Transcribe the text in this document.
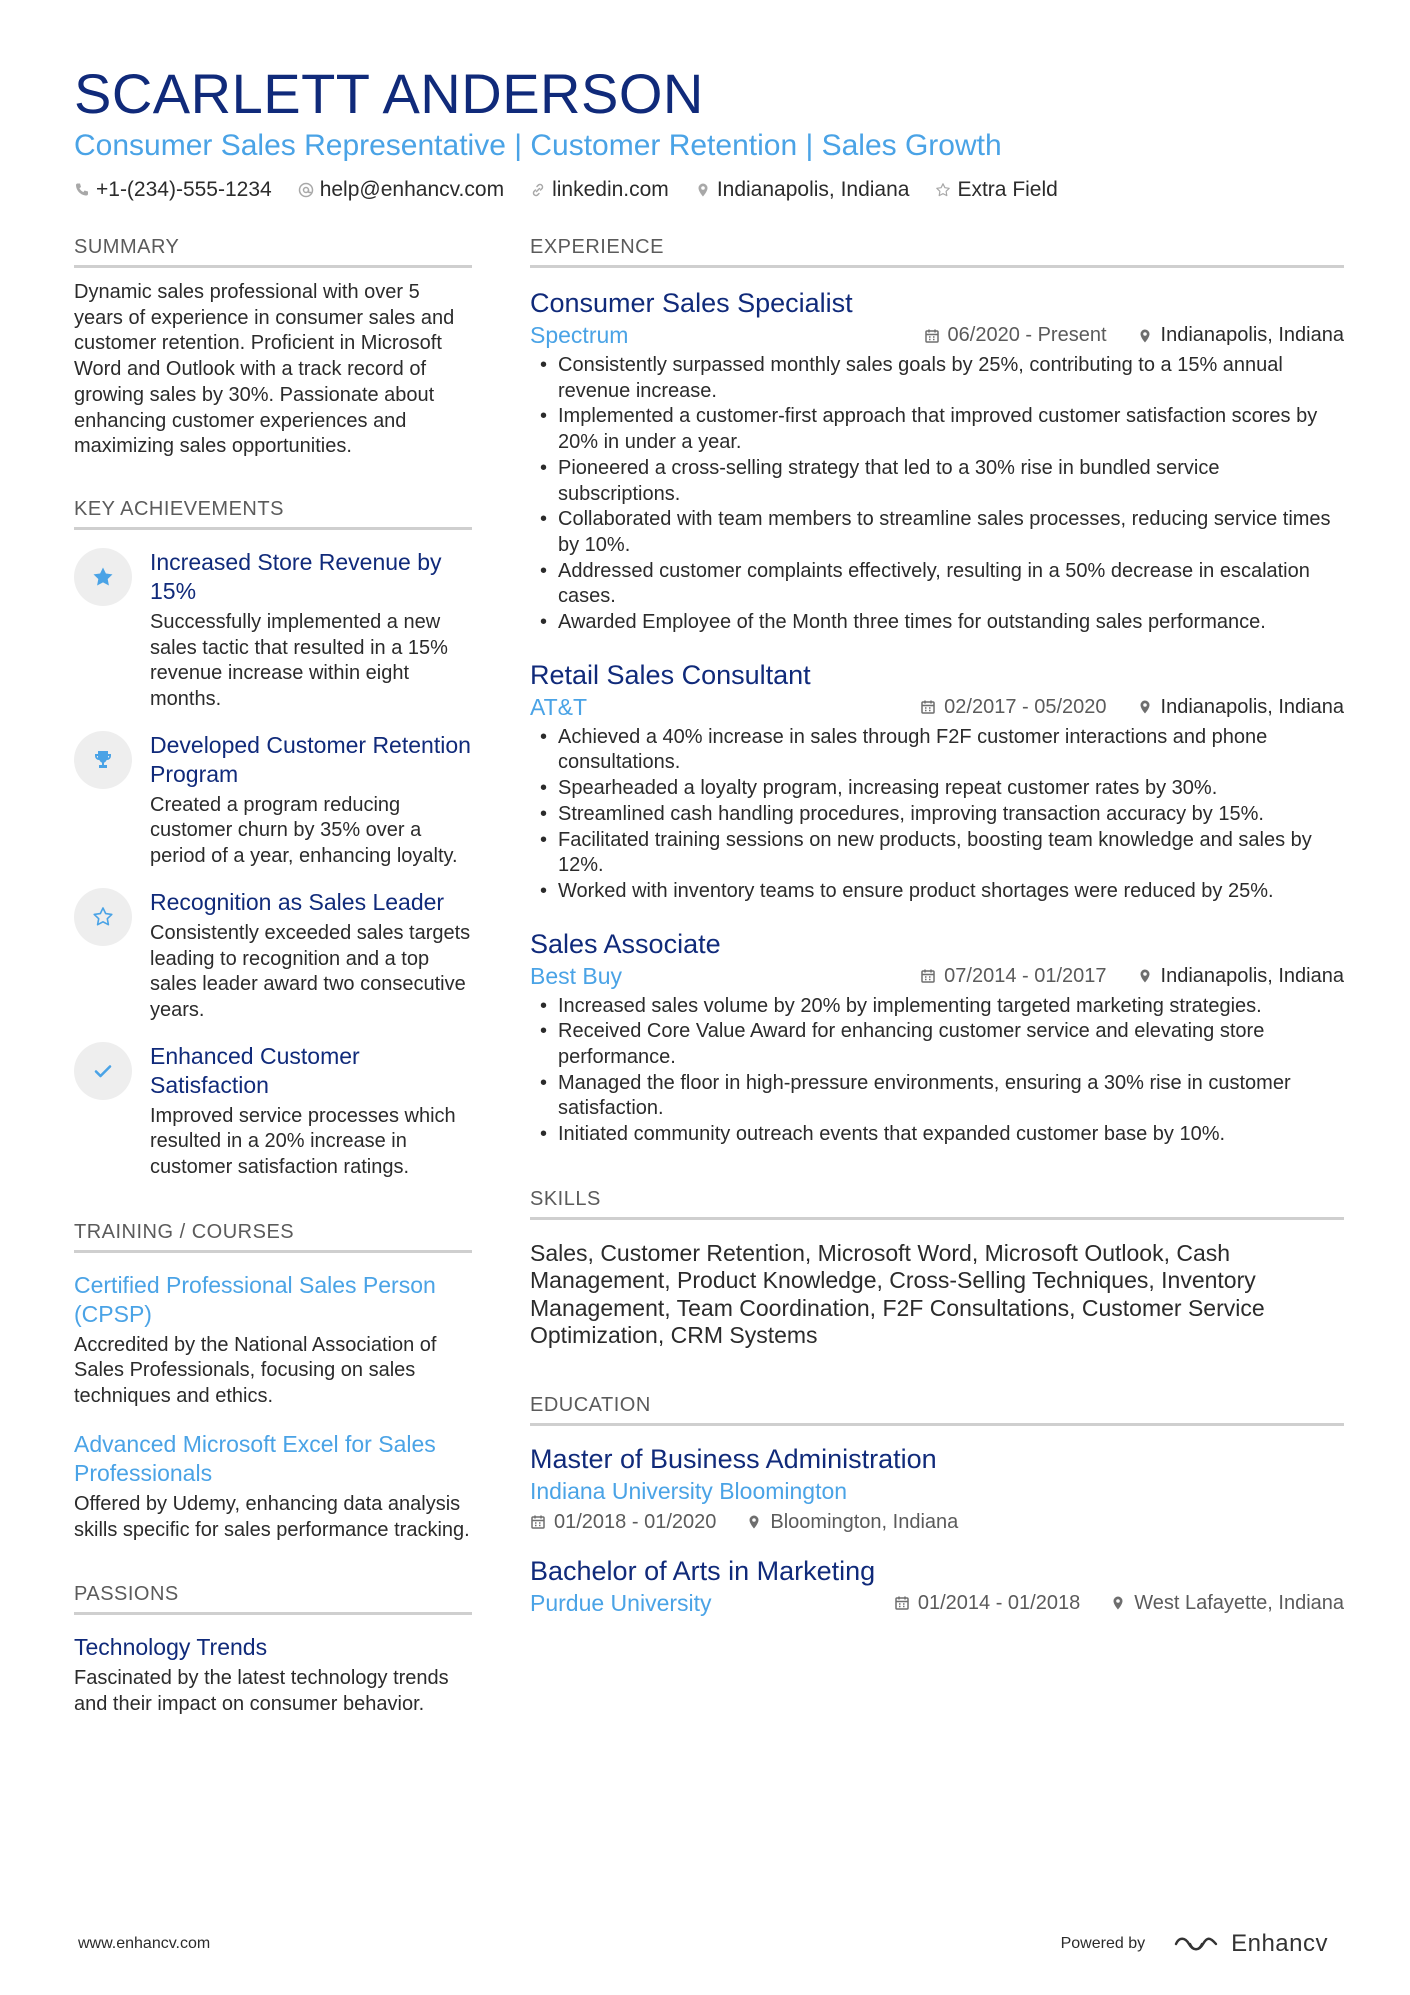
SCARLETT ANDERSON
Consumer Sales Representative | Customer Retention | Sales Growth
+1-(234)-555-1234 help@enhancv.com linkedin.com Indianapolis, Indiana Extra Field
SUMMARY
Dynamic sales professional with over 5 years of experience in consumer sales and customer retention. Proficient in Microsoft Word and Outlook with a track record of growing sales by 30%. Passionate about enhancing customer experiences and maximizing sales opportunities.
KEY ACHIEVEMENTS
Increased Store Revenue by 15%
Successfully implemented a new sales tactic that resulted in a 15% revenue increase within eight months.
Developed Customer Retention Program
Created a program reducing customer churn by 35% over a period of a year, enhancing loyalty.
Recognition as Sales Leader
Consistently exceeded sales targets leading to recognition and a top sales leader award two consecutive years.
Enhanced Customer Satisfaction
Improved service processes which resulted in a 20% increase in customer satisfaction ratings.
TRAINING / COURSES
Certified Professional Sales Person (CPSP)
Accredited by the National Association of Sales Professionals, focusing on sales techniques and ethics.
Advanced Microsoft Excel for Sales Professionals
Offered by Udemy, enhancing data analysis skills specific for sales performance tracking.
PASSIONS
Technology Trends
Fascinated by the latest technology trends and their impact on consumer behavior.
EXPERIENCE
Consumer Sales Specialist
Spectrum	06/2020 - Present	Indianapolis, Indiana
• Consistently surpassed monthly sales goals by 25%, contributing to a 15% annual revenue increase.
• Implemented a customer-first approach that improved customer satisfaction scores by 20% in under a year.
• Pioneered a cross-selling strategy that led to a 30% rise in bundled service subscriptions.
• Collaborated with team members to streamline sales processes, reducing service times by 10%.
• Addressed customer complaints effectively, resulting in a 50% decrease in escalation cases.
• Awarded Employee of the Month three times for outstanding sales performance.
Retail Sales Consultant
AT&T	02/2017 - 05/2020	Indianapolis, Indiana
• Achieved a 40% increase in sales through F2F customer interactions and phone consultations.
• Spearheaded a loyalty program, increasing repeat customer rates by 30%.
• Streamlined cash handling procedures, improving transaction accuracy by 15%.
• Facilitated training sessions on new products, boosting team knowledge and sales by 12%.
• Worked with inventory teams to ensure product shortages were reduced by 25%.
Sales Associate
Best Buy	07/2014 - 01/2017	Indianapolis, Indiana
• Increased sales volume by 20% by implementing targeted marketing strategies.
• Received Core Value Award for enhancing customer service and elevating store performance.
• Managed the floor in high-pressure environments, ensuring a 30% rise in customer satisfaction.
• Initiated community outreach events that expanded customer base by 10%.
SKILLS
Sales, Customer Retention, Microsoft Word, Microsoft Outlook, Cash Management, Product Knowledge, Cross-Selling Techniques, Inventory Management, Team Coordination, F2F Consultations, Customer Service Optimization, CRM Systems
EDUCATION
Master of Business Administration
Indiana University Bloomington
01/2018 - 01/2020	Bloomington, Indiana
Bachelor of Arts in Marketing
Purdue University	01/2014 - 01/2018	West Lafayette, Indiana
www.enhancv.com	Powered by	Enhancv
